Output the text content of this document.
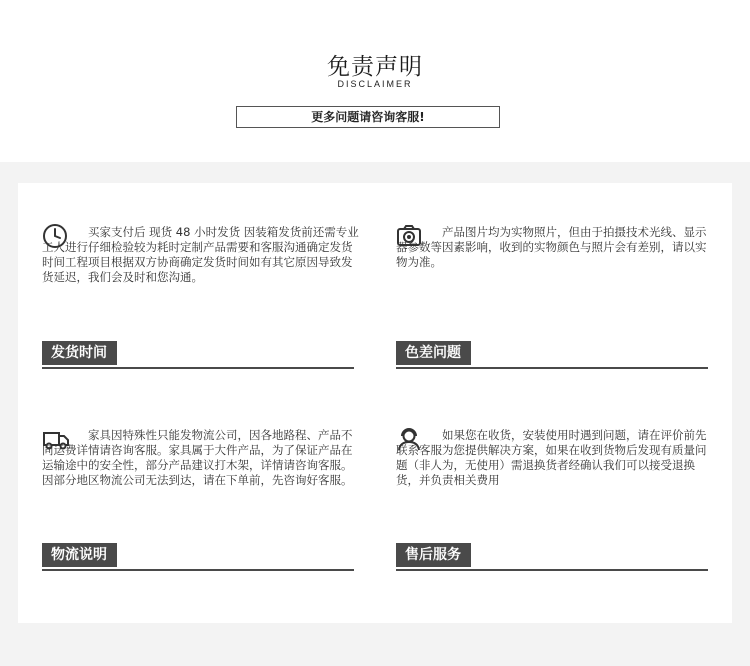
免责声明
DISCLAIMER
更多问题请咨询客服!
买家支付后 现货 48 小时发货 因装箱发货前还需专业工人进行仔细检验较为耗时定制产品需要和客服沟通确定发货时间工程项目根据双方协商确定发货时间如有其它原因导致发货延迟，我们会及时和您沟通。
发货时间
产品图片均为实物照片，但由于拍摄技术光线、显示器参数等因素影响，收到的实物颜色与照片会有差别，请以实物为准。
色差问题
家具因特殊性只能发物流公司，因各地路程、产品不同运费详情请咨询客服。家具属于大件产品，为了保证产品在运输途中的安全性，部分产品建议打木架，详情请咨询客服。因部分地区物流公司无法到达，请在下单前，先咨询好客服。
物流说明
如果您在收货，安装使用时遇到问题，请在评价前先联系客服为您提供解决方案，如果在收到货物后发现有质量问题（非人为，无使用）需退换货者经确认我们可以接受退换货，并负责相关费用
售后服务
